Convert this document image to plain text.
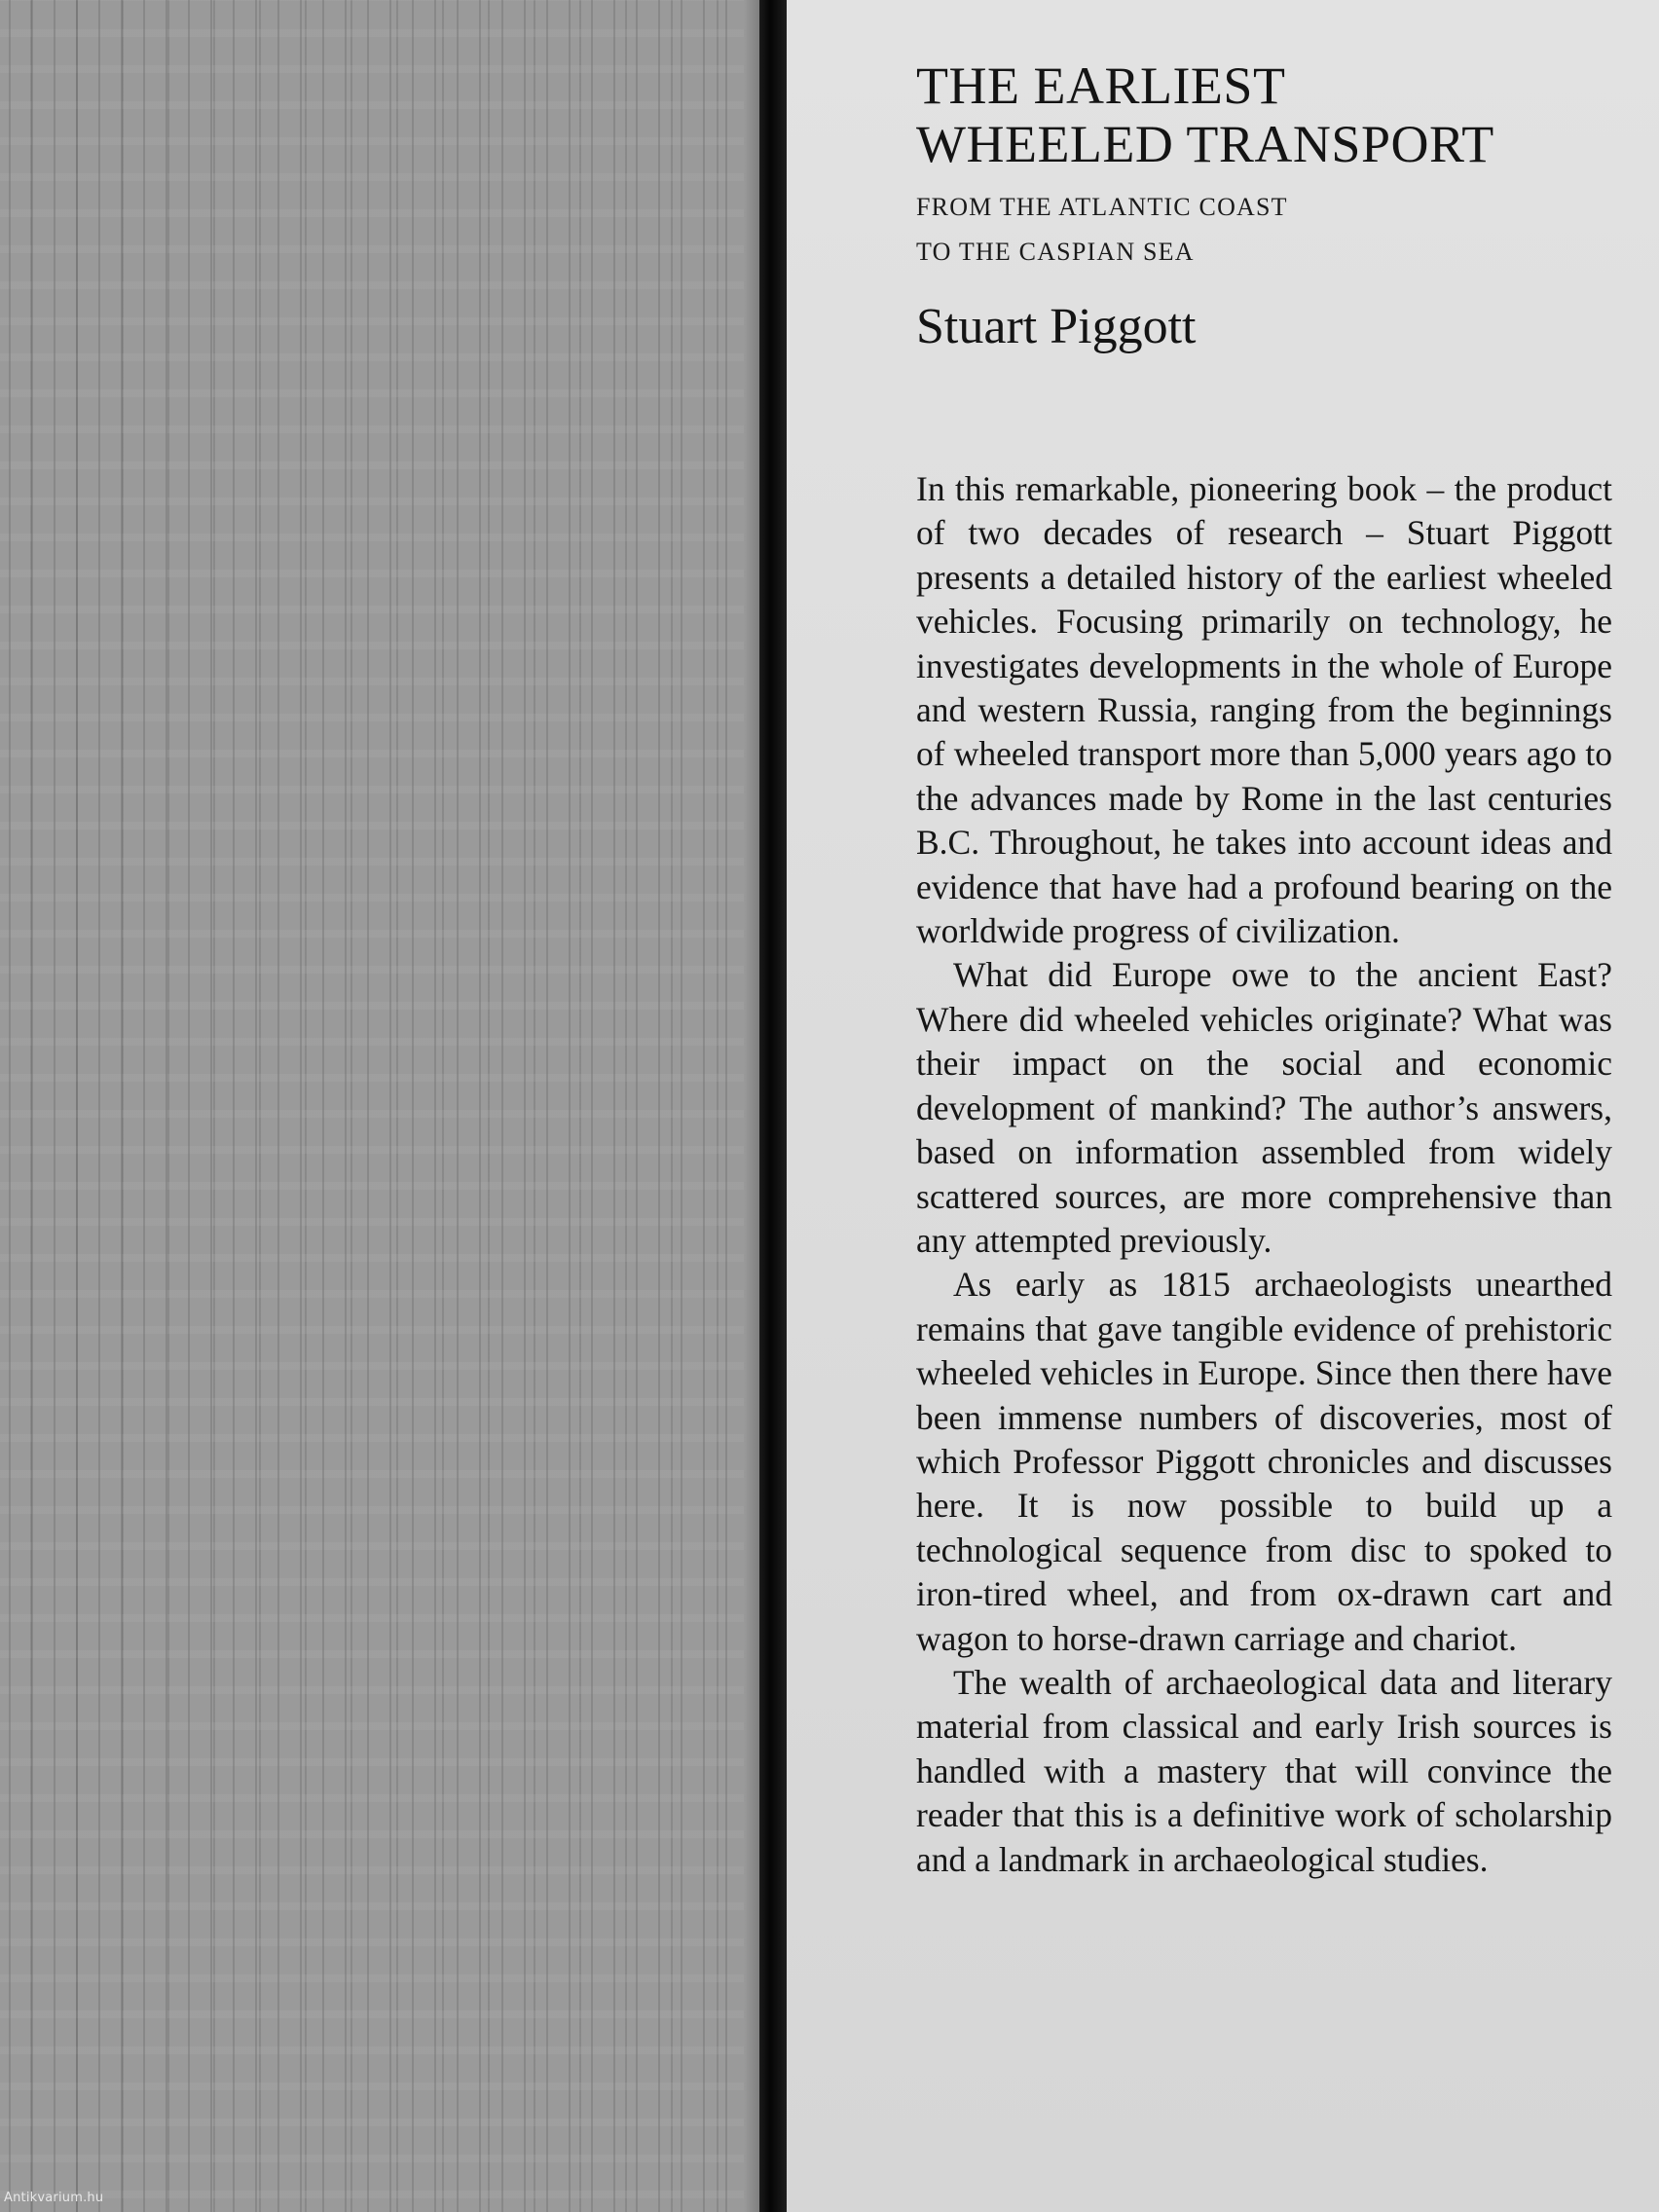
Antikvarium.hu
THE EARLIEST
WHEELED TRANSPORT
FROM THE ATLANTIC COAST
TO THE CASPIAN SEA
Stuart Piggott

In this remarkable, pioneering book – the product of two decades of research – Stuart Piggott presents a detailed history of the earliest wheeled vehicles. Focusing primarily on technology, he investigates developments in the whole of Europe and western Russia, ranging from the beginnings of wheeled transport more than 5,000 years ago to the advances made by Rome in the last centuries B.C. Throughout, he takes into account ideas and evidence that have had a profound bearing on the worldwide progress of civilization.

What did Europe owe to the ancient East? Where did wheeled vehicles originate? What was their impact on the social and economic development of mankind? The author’s answers, based on information assembled from widely scattered sources, are more comprehensive than any attempted previously.

As early as 1815 archaeologists unearthed remains that gave tangible evidence of prehistoric wheeled vehicles in Europe. Since then there have been immense numbers of discoveries, most of which Professor Piggott chronicles and discusses here. It is now possible to build up a technological sequence from disc to spoked to iron-tired wheel, and from ox-drawn cart and wagon to horse-drawn carriage and chariot.

The wealth of archaeological data and literary material from classical and early Irish sources is handled with a mastery that will convince the reader that this is a definitive work of scholarship and a landmark in archaeological studies.
